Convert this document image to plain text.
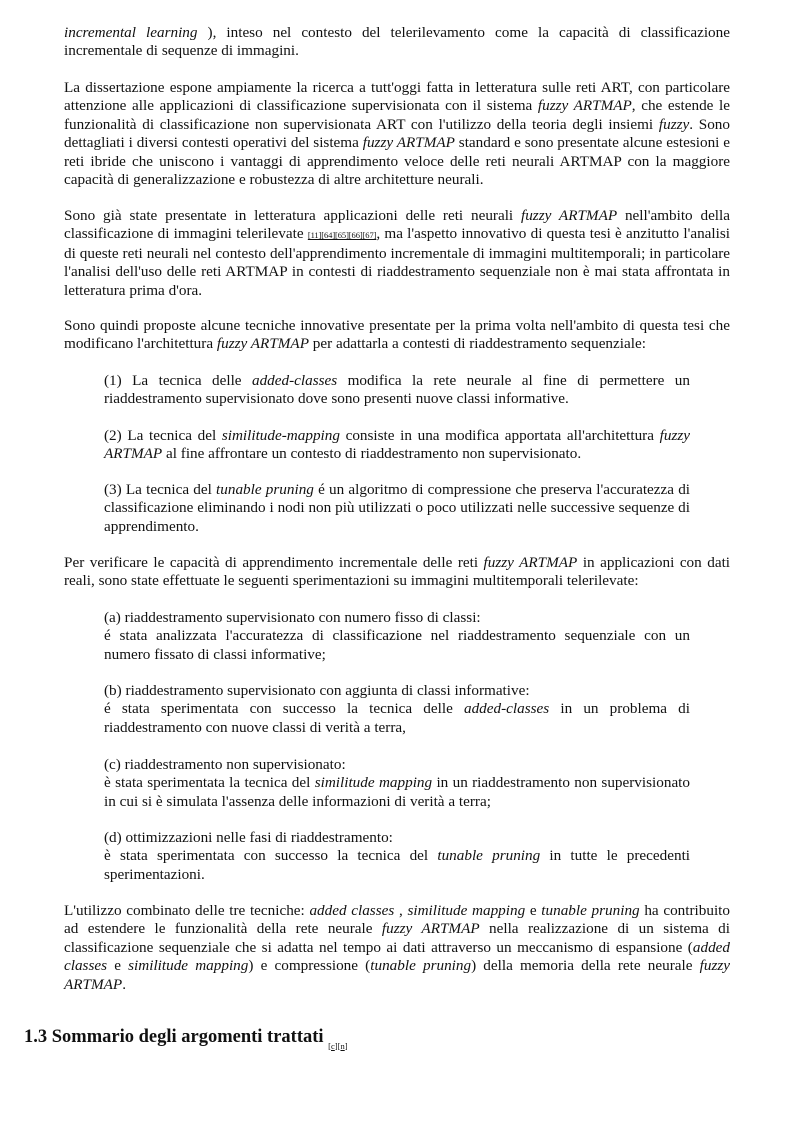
incremental learning ), inteso nel contesto del telerilevamento come la capacità di classificazione incrementale di sequenze di immagini.

La dissertazione espone ampiamente la ricerca a tutt'oggi fatta in letteratura sulle reti ART, con particolare attenzione alle applicazioni di classificazione supervisionata con il sistema fuzzy ARTMAP, che estende le funzionalità di classificazione non supervisionata ART con l'utilizzo della teoria degli insiemi fuzzy. Sono dettagliati i diversi contesti operativi del sistema fuzzy ARTMAP standard e sono presentate alcune estesioni e reti ibride che uniscono i vantaggi di apprendimento veloce delle reti neurali ARTMAP con la maggiore capacità di generalizzazione e robustezza di altre architetture neurali.

Sono già state presentate in letteratura applicazioni delle reti neurali fuzzy ARTMAP nell'ambito della classificazione di immagini telerilevate [11][64][65][66][67], ma l'aspetto innovativo di questa tesi è anzitutto l'analisi di queste reti neurali nel contesto dell'apprendimento incrementale di immagini multitemporali; in particolare l'analisi dell'uso delle reti ARTMAP in contesti di riaddestramento sequenziale non è mai stata affrontata in letteratura prima d'ora.

Sono quindi proposte alcune tecniche innovative presentate per la prima volta nell'ambito di questa tesi che modificano l'architettura fuzzy ARTMAP per adattarla a contesti di riaddestramento sequenziale:

(1) La tecnica delle added-classes modifica la rete neurale al fine di permettere un riaddestramento supervisionato dove sono presenti nuove classi informative.

(2) La tecnica del similitude-mapping consiste in una modifica apportata all'architettura fuzzy ARTMAP al fine affrontare un contesto di riaddestramento non supervisionato.

(3) La tecnica del tunable pruning é un algoritmo di compressione che preserva l'accuratezza di classificazione eliminando i nodi non più utilizzati o poco utilizzati nelle successive sequenze di apprendimento.

Per verificare le capacità di apprendimento incrementale delle reti fuzzy ARTMAP in applicazioni con dati reali, sono state effettuate le seguenti sperimentazioni su immagini multitemporali telerilevate:

(a) riaddestramento supervisionato con numero fisso di classi:
é stata analizzata l'accuratezza di classificazione nel riaddestramento sequenziale con un numero fissato di classi informative;

(b) riaddestramento supervisionato con aggiunta di classi informative:
é stata sperimentata con successo la tecnica delle added-classes in un problema di riaddestramento con nuove classi di verità a terra,

(c) riaddestramento non supervisionato:
è stata sperimentata la tecnica del similitude mapping in un riaddestramento non supervisionato in cui si è simulata l'assenza delle informazioni di verità a terra;

(d) ottimizzazioni nelle fasi di riaddestramento:
è stata sperimentata con successo la tecnica del tunable pruning in tutte le precedenti sperimentazioni.

L'utilizzo combinato delle tre tecniche: added classes , similitude mapping e tunable pruning ha contribuito ad estendere le funzionalità della rete neurale fuzzy ARTMAP nella realizzazione di un sistema di classificazione sequenziale che si adatta nel tempo ai dati attraverso un meccanismo di espansione (added classes e similitude mapping) e compressione (tunable pruning) della memoria della rete neurale fuzzy ARTMAP.

1.3 Sommario degli argomenti trattati $_{[c][n]}$
